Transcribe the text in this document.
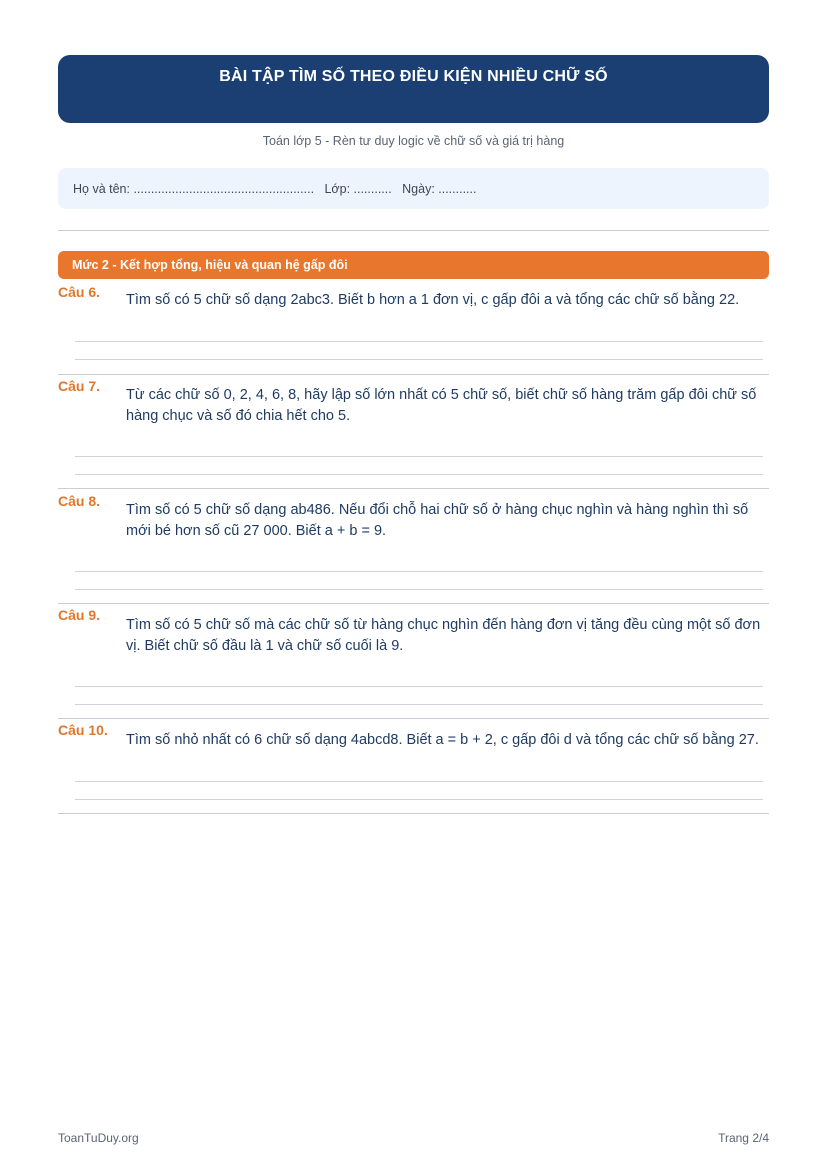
BÀI TẬP TÌM SỐ THEO ĐIỀU KIỆN NHIỀU CHỮ SỐ
Toán lớp 5 - Rèn tư duy logic về chữ số và giá trị hàng
Họ và tên: ....................................................
Lớp: ...........
Ngày: ...........
Mức 2 - Kết hợp tổng, hiệu và quan hệ gấp đôi
Câu 6. Tìm số có 5 chữ số dạng 2abc3. Biết b hơn a 1 đơn vị, c gấp đôi a và tổng các chữ số bằng 22.
Câu 7.
Từ các chữ số 0, 2, 4, 6, 8, hãy lập số lớn nhất có 5 chữ số, biết chữ số hàng trăm gấp đôi chữ số hàng chục và số đó chia hết cho 5.
Câu 8.
Tìm số có 5 chữ số dạng ab486. Nếu đổi chỗ hai chữ số ở hàng chục nghìn và hàng nghìn thì số mới bé hơn số cũ 27 000. Biết a + b = 9.
Câu 9.
Tìm số có 5 chữ số mà các chữ số từ hàng chục nghìn đến hàng đơn vị tăng đều cùng một số đơn vị. Biết chữ số đầu là 1 và chữ số cuối là 9.
Câu 10.
Tìm số nhỏ nhất có 6 chữ số dạng 4abcd8. Biết a = b + 2, c gấp đôi d và tổng các chữ số bằng 27.
ToanTuDuy.org	Trang 2/4
